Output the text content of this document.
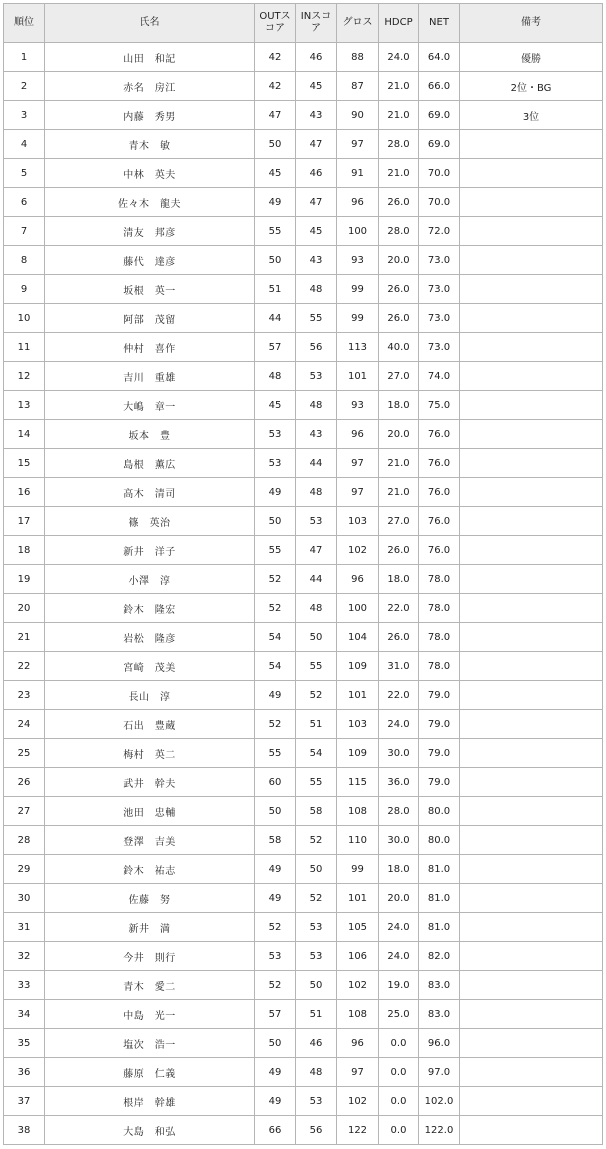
順位	氏名	OUTスコア	INスコア	グロス	HDCP	NET	備考
1	山田　和記	42	46	88	24.0	64.0	優勝
2	赤名　房江	42	45	87	21.0	66.0	2位・BG
3	内藤　秀男	47	43	90	21.0	69.0	3位
4	青木　敏	50	47	97	28.0	69.0	
5	中林　英夫	45	46	91	21.0	70.0	
6	佐々木　龍夫	49	47	96	26.0	70.0	
7	清友　邦彦	55	45	100	28.0	72.0	
8	藤代　達彦	50	43	93	20.0	73.0	
9	坂根　英一	51	48	99	26.0	73.0	
10	阿部　茂留	44	55	99	26.0	73.0	
11	仲村　喜作	57	56	113	40.0	73.0	
12	吉川　重雄	48	53	101	27.0	74.0	
13	大嶋　章一	45	48	93	18.0	75.0	
14	坂本　豊	53	43	96	20.0	76.0	
15	島根　薫広	53	44	97	21.0	76.0	
16	高木　清司	49	48	97	21.0	76.0	
17	篠　英治	50	53	103	27.0	76.0	
18	新井　洋子	55	47	102	26.0	76.0	
19	小澤　淳	52	44	96	18.0	78.0	
20	鈴木　隆宏	52	48	100	22.0	78.0	
21	岩松　隆彦	54	50	104	26.0	78.0	
22	宮崎　茂美	54	55	109	31.0	78.0	
23	長山　淳	49	52	101	22.0	79.0	
24	石出　豊蔵	52	51	103	24.0	79.0	
25	梅村　英二	55	54	109	30.0	79.0	
26	武井　幹夫	60	55	115	36.0	79.0	
27	池田　忠輔	50	58	108	28.0	80.0	
28	登澤　吉美	58	52	110	30.0	80.0	
29	鈴木　祐志	49	50	99	18.0	81.0	
30	佐藤　努	49	52	101	20.0	81.0	
31	新井　満	52	53	105	24.0	81.0	
32	今井　則行	53	53	106	24.0	82.0	
33	青木　愛二	52	50	102	19.0	83.0	
34	中島　光一	57	51	108	25.0	83.0	
35	塩次　浩一	50	46	96	0.0	96.0	
36	藤原　仁義	49	48	97	0.0	97.0	
37	根岸　幹雄	49	53	102	0.0	102.0	
38	大島　和弘	66	56	122	0.0	122.0	
